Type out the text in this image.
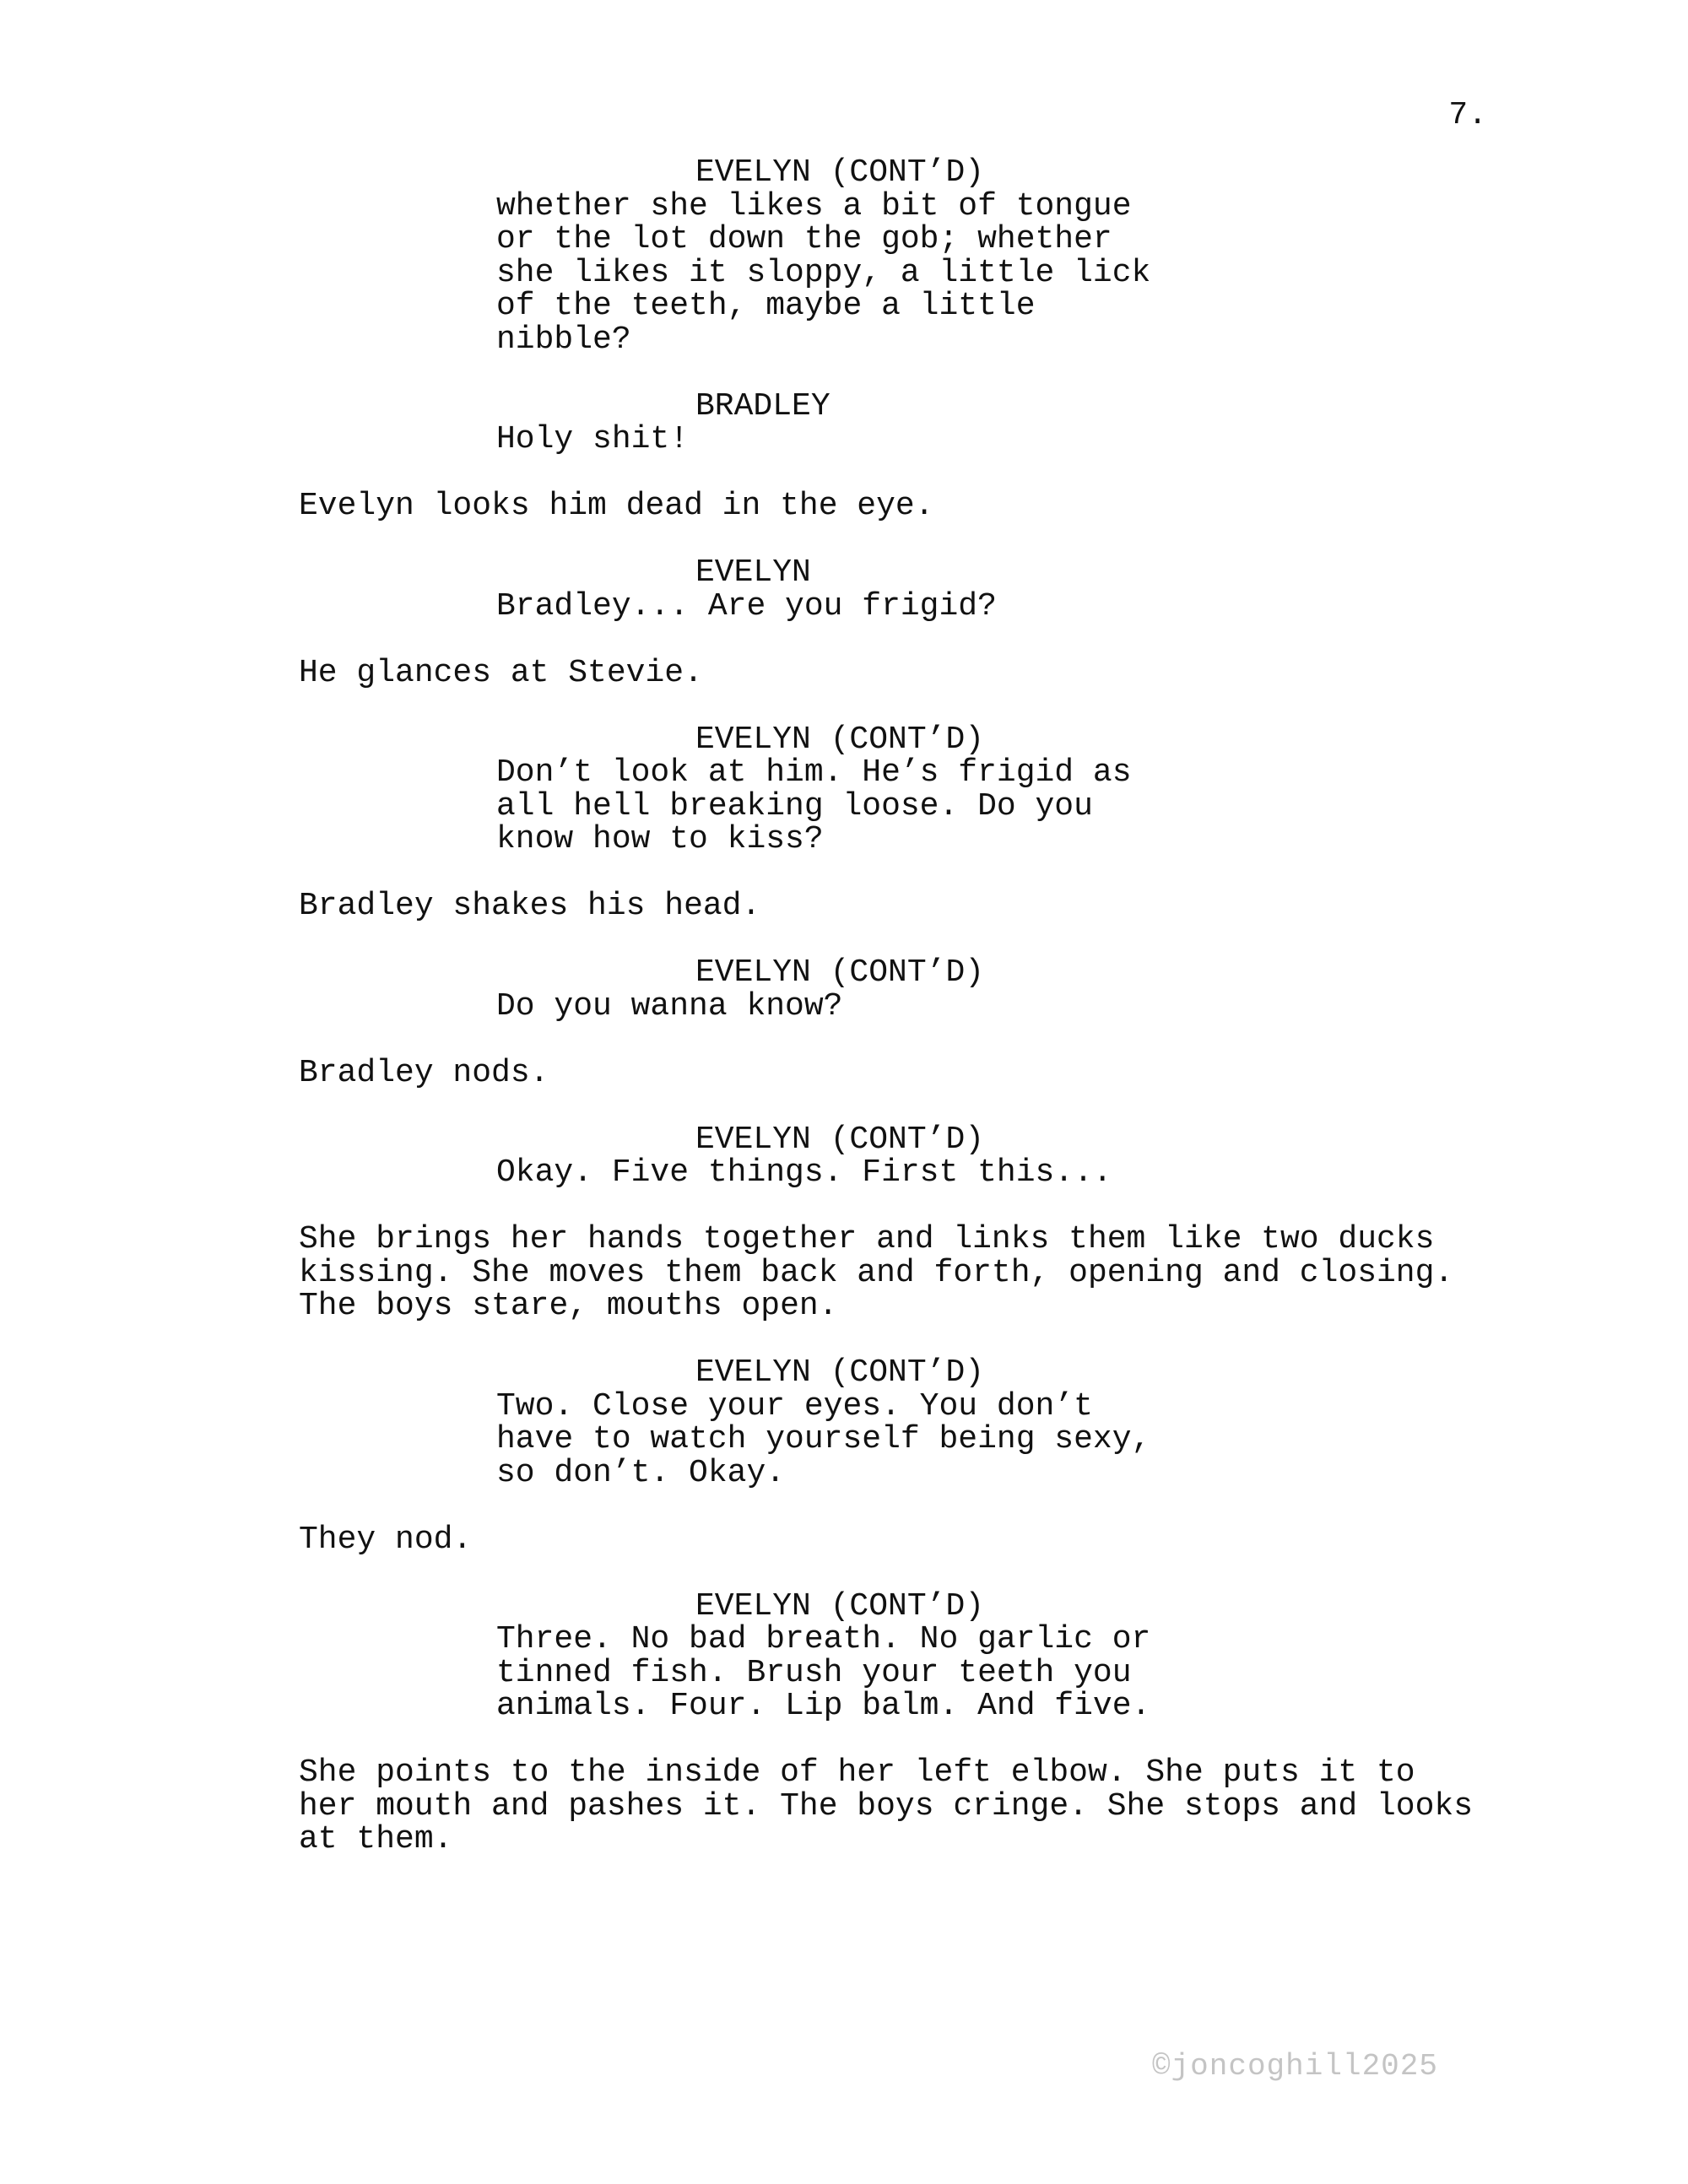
7.
EVELYN (CONT’D)
whether she likes a bit of tongue
or the lot down the gob; whether
she likes it sloppy, a little lick
of the teeth, maybe a little
nibble?
BRADLEY
Holy shit!
Evelyn looks him dead in the eye.
EVELYN
Bradley... Are you frigid?
He glances at Stevie.
EVELYN (CONT’D)
Don’t look at him. He’s frigid as
all hell breaking loose. Do you
know how to kiss?
Bradley shakes his head.
EVELYN (CONT’D)
Do you wanna know?
Bradley nods.
EVELYN (CONT’D)
Okay. Five things. First this...
She brings her hands together and links them like two ducks
kissing. She moves them back and forth, opening and closing.
The boys stare, mouths open.
EVELYN (CONT’D)
Two. Close your eyes. You don’t
have to watch yourself being sexy,
so don’t. Okay.
They nod.
EVELYN (CONT’D)
Three. No bad breath. No garlic or
tinned fish. Brush your teeth you
animals. Four. Lip balm. And five.
She points to the inside of her left elbow. She puts it to
her mouth and pashes it. The boys cringe. She stops and looks
at them.
©joncoghill2025
